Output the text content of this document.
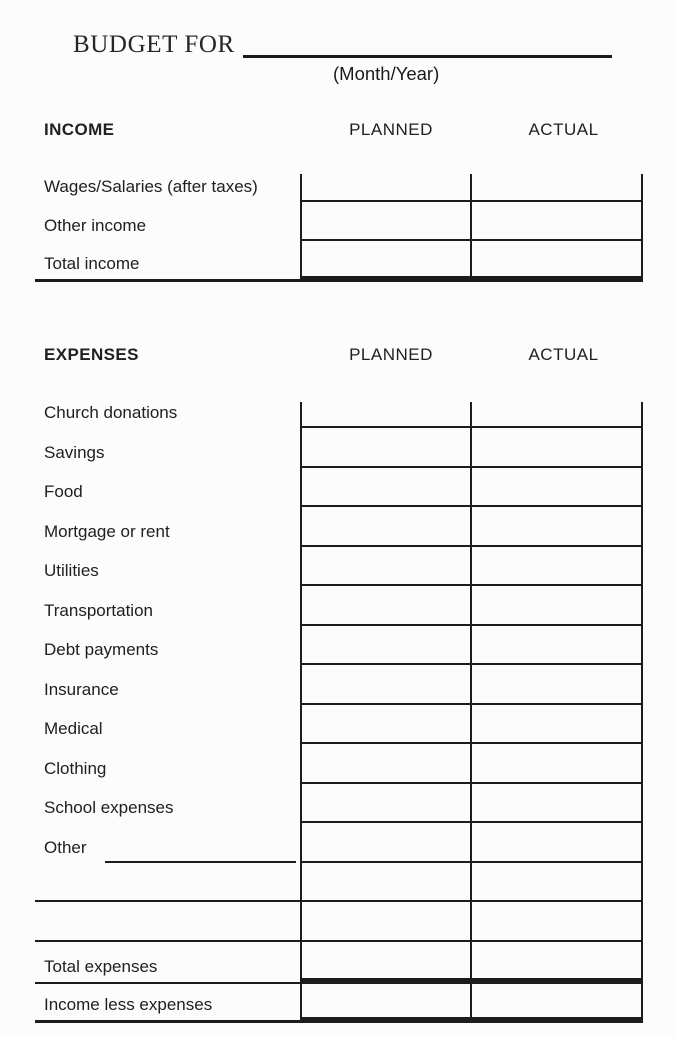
BUDGET FOR
(Month/Year)
INCOME	PLANNED	ACTUAL
Wages/Salaries (after taxes)
Other income
Total income
EXPENSES	PLANNED	ACTUAL
Church donations
Savings
Food
Mortgage or rent
Utilities
Transportation
Debt payments
Insurance
Medical
Clothing
School expenses
Other
Total expenses
Income less expenses
